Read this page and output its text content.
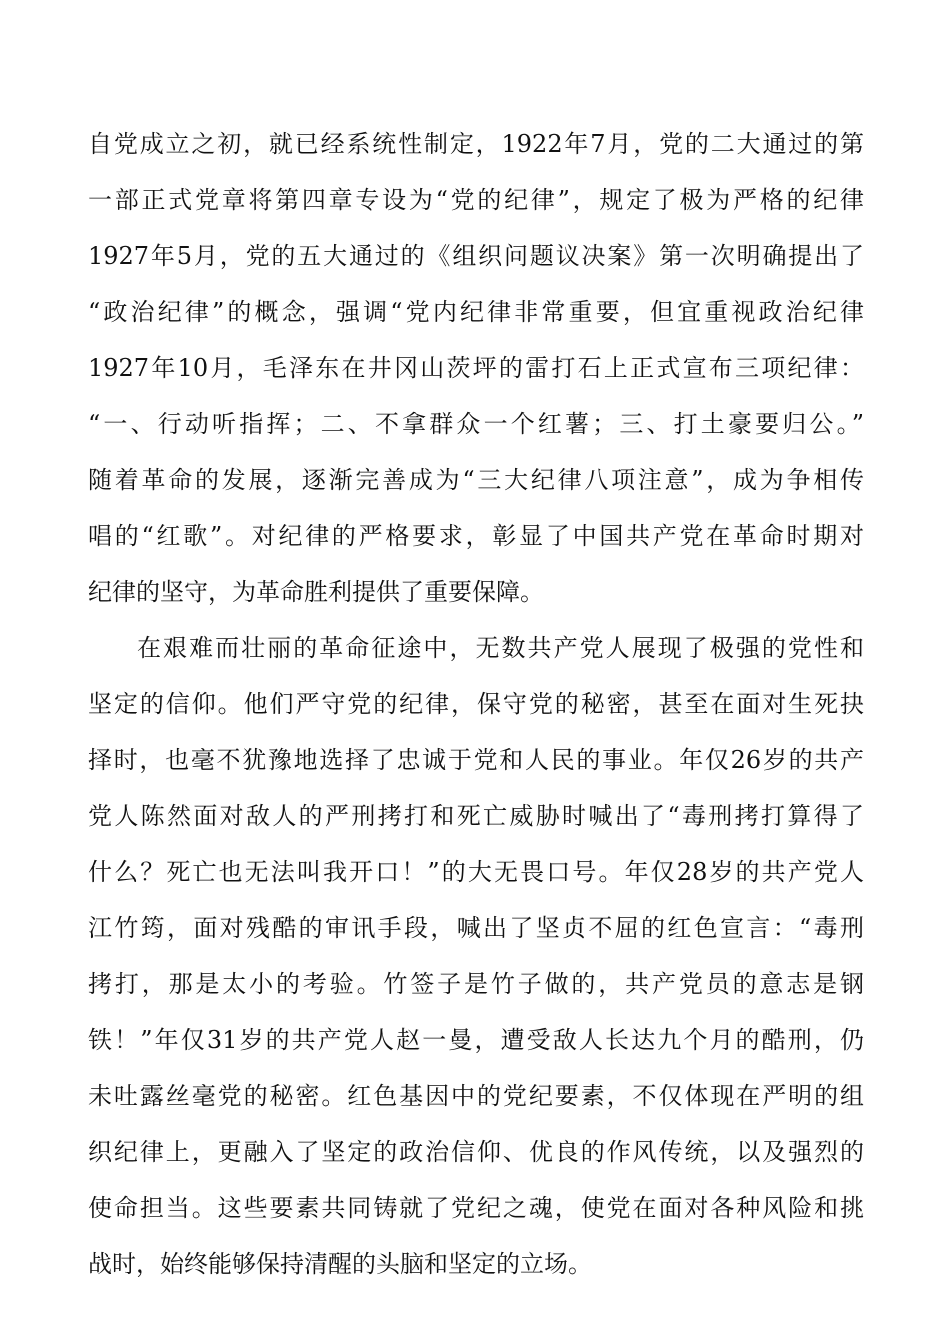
自党成立之初，就已经系统性制定，1922年7月，党的二大通过的第
一部正式党章将第四章专设为“党的纪律”，规定了极为严格的纪律
1927年5月，党的五大通过的《组织问题议决案》第一次明确提出了
“政治纪律”的概念，强调“党内纪律非常重要，但宜重视政治纪律
1927年10月，毛泽东在井冈山茨坪的雷打石上正式宣布三项纪律：
“一、行动听指挥；二、不拿群众一个红薯；三、打土豪要归公。”
随着革命的发展，逐渐完善成为“三大纪律八项注意”，成为争相传
唱的“红歌”。对纪律的严格要求，彰显了中国共产党在革命时期对
纪律的坚守，为革命胜利提供了重要保障。
在艰难而壮丽的革命征途中，无数共产党人展现了极强的党性和
坚定的信仰。他们严守党的纪律，保守党的秘密，甚至在面对生死抉
择时，也毫不犹豫地选择了忠诚于党和人民的事业。年仅26岁的共产
党人陈然面对敌人的严刑拷打和死亡威胁时喊出了“毒刑拷打算得了
什么？死亡也无法叫我开口！”的大无畏口号。年仅28岁的共产党人
江竹筠，面对残酷的审讯手段，喊出了坚贞不屈的红色宣言：“毒刑
拷打，那是太小的考验。竹签子是竹子做的，共产党员的意志是钢
铁！”年仅31岁的共产党人赵一曼，遭受敌人长达九个月的酷刑，仍
未吐露丝毫党的秘密。红色基因中的党纪要素，不仅体现在严明的组
织纪律上，更融入了坚定的政治信仰、优良的作风传统，以及强烈的
使命担当。这些要素共同铸就了党纪之魂，使党在面对各种风险和挑
战时，始终能够保持清醒的头脑和坚定的立场。
